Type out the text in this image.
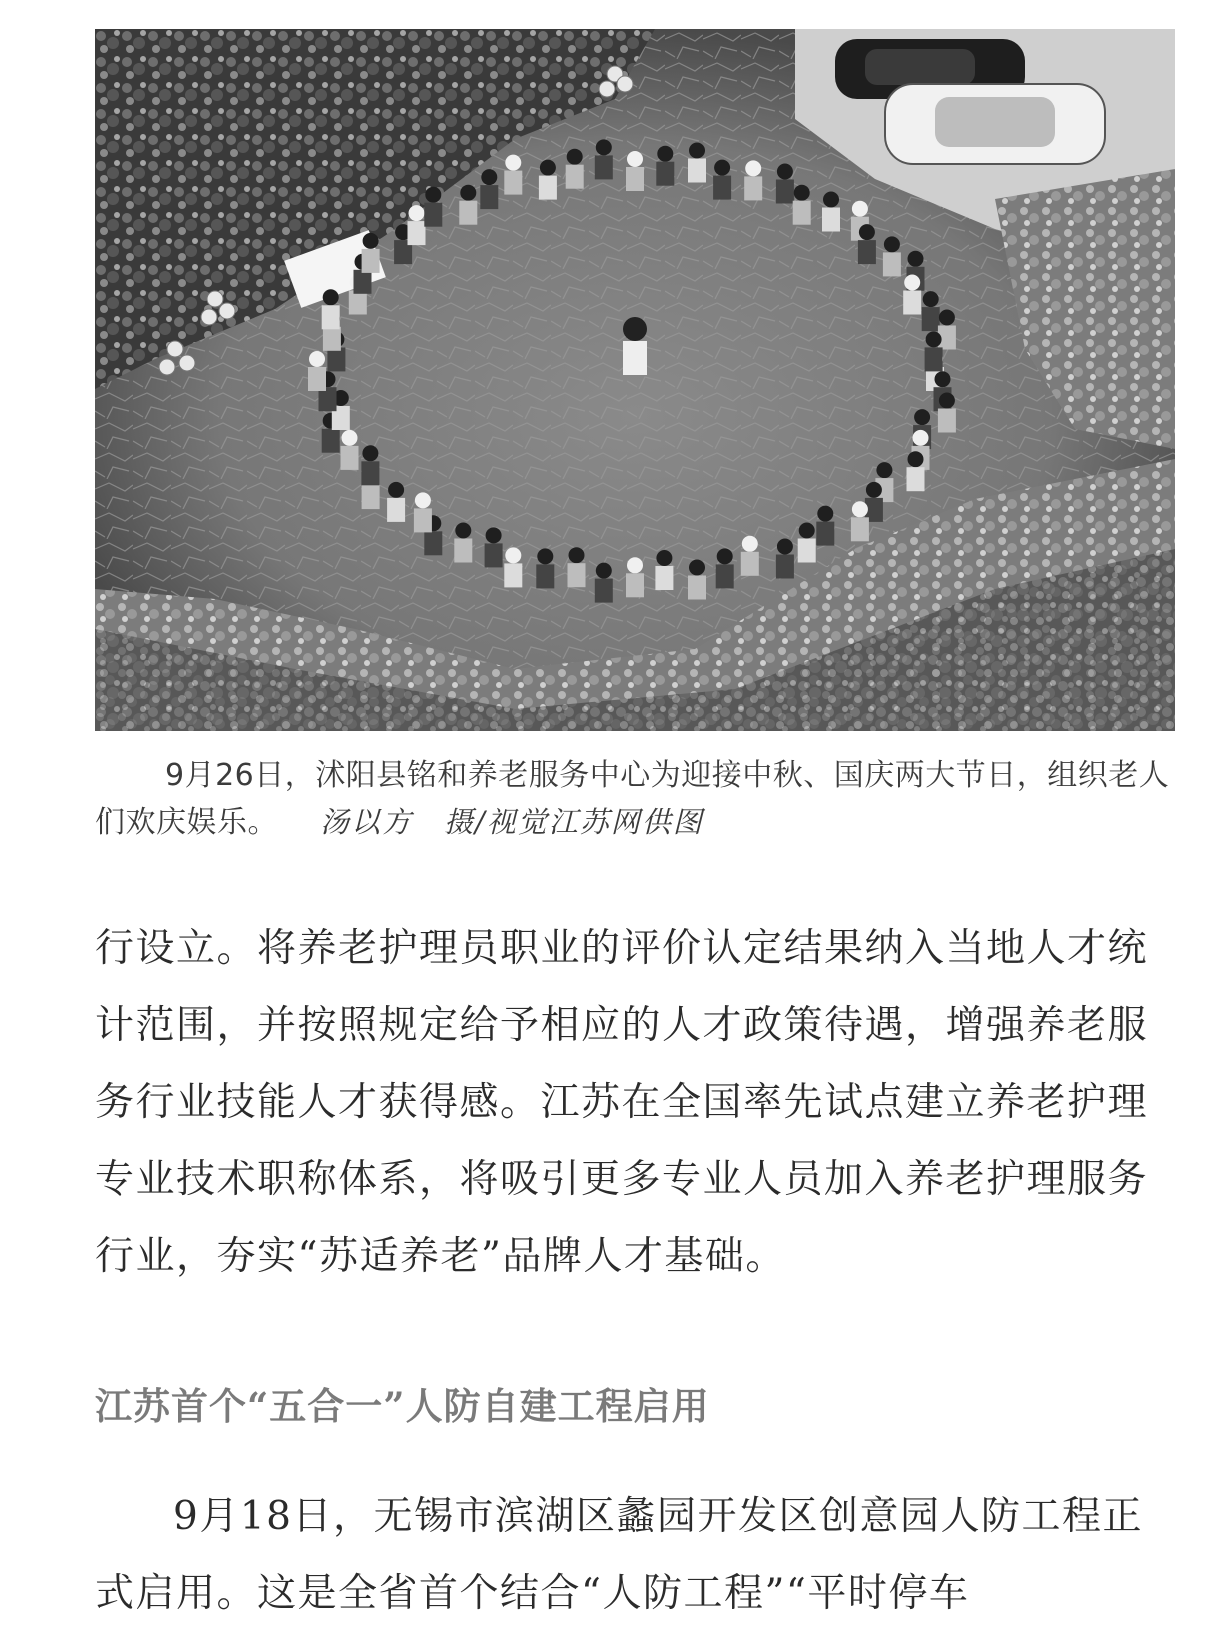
9月26日，沭阳县铭和养老服务中心为迎接中秋、国庆两大节日，组织老人们欢庆娱乐。 汤以方　摄/视觉江苏网供图
行设立。将养老护理员职业的评价认定结果纳入当地人才统计范围，并按照规定给予相应的人才政策待遇，增强养老服务行业技能人才获得感。江苏在全国率先试点建立养老护理专业技术职称体系，将吸引更多专业人员加入养老护理服务行业，夯实“苏适养老”品牌人才基础。
江苏首个“五合一”人防自建工程启用
9月18日，无锡市滨湖区蠡园开发区创意园人防工程正式启用。这是全省首个结合“人防工程”“平时停车
